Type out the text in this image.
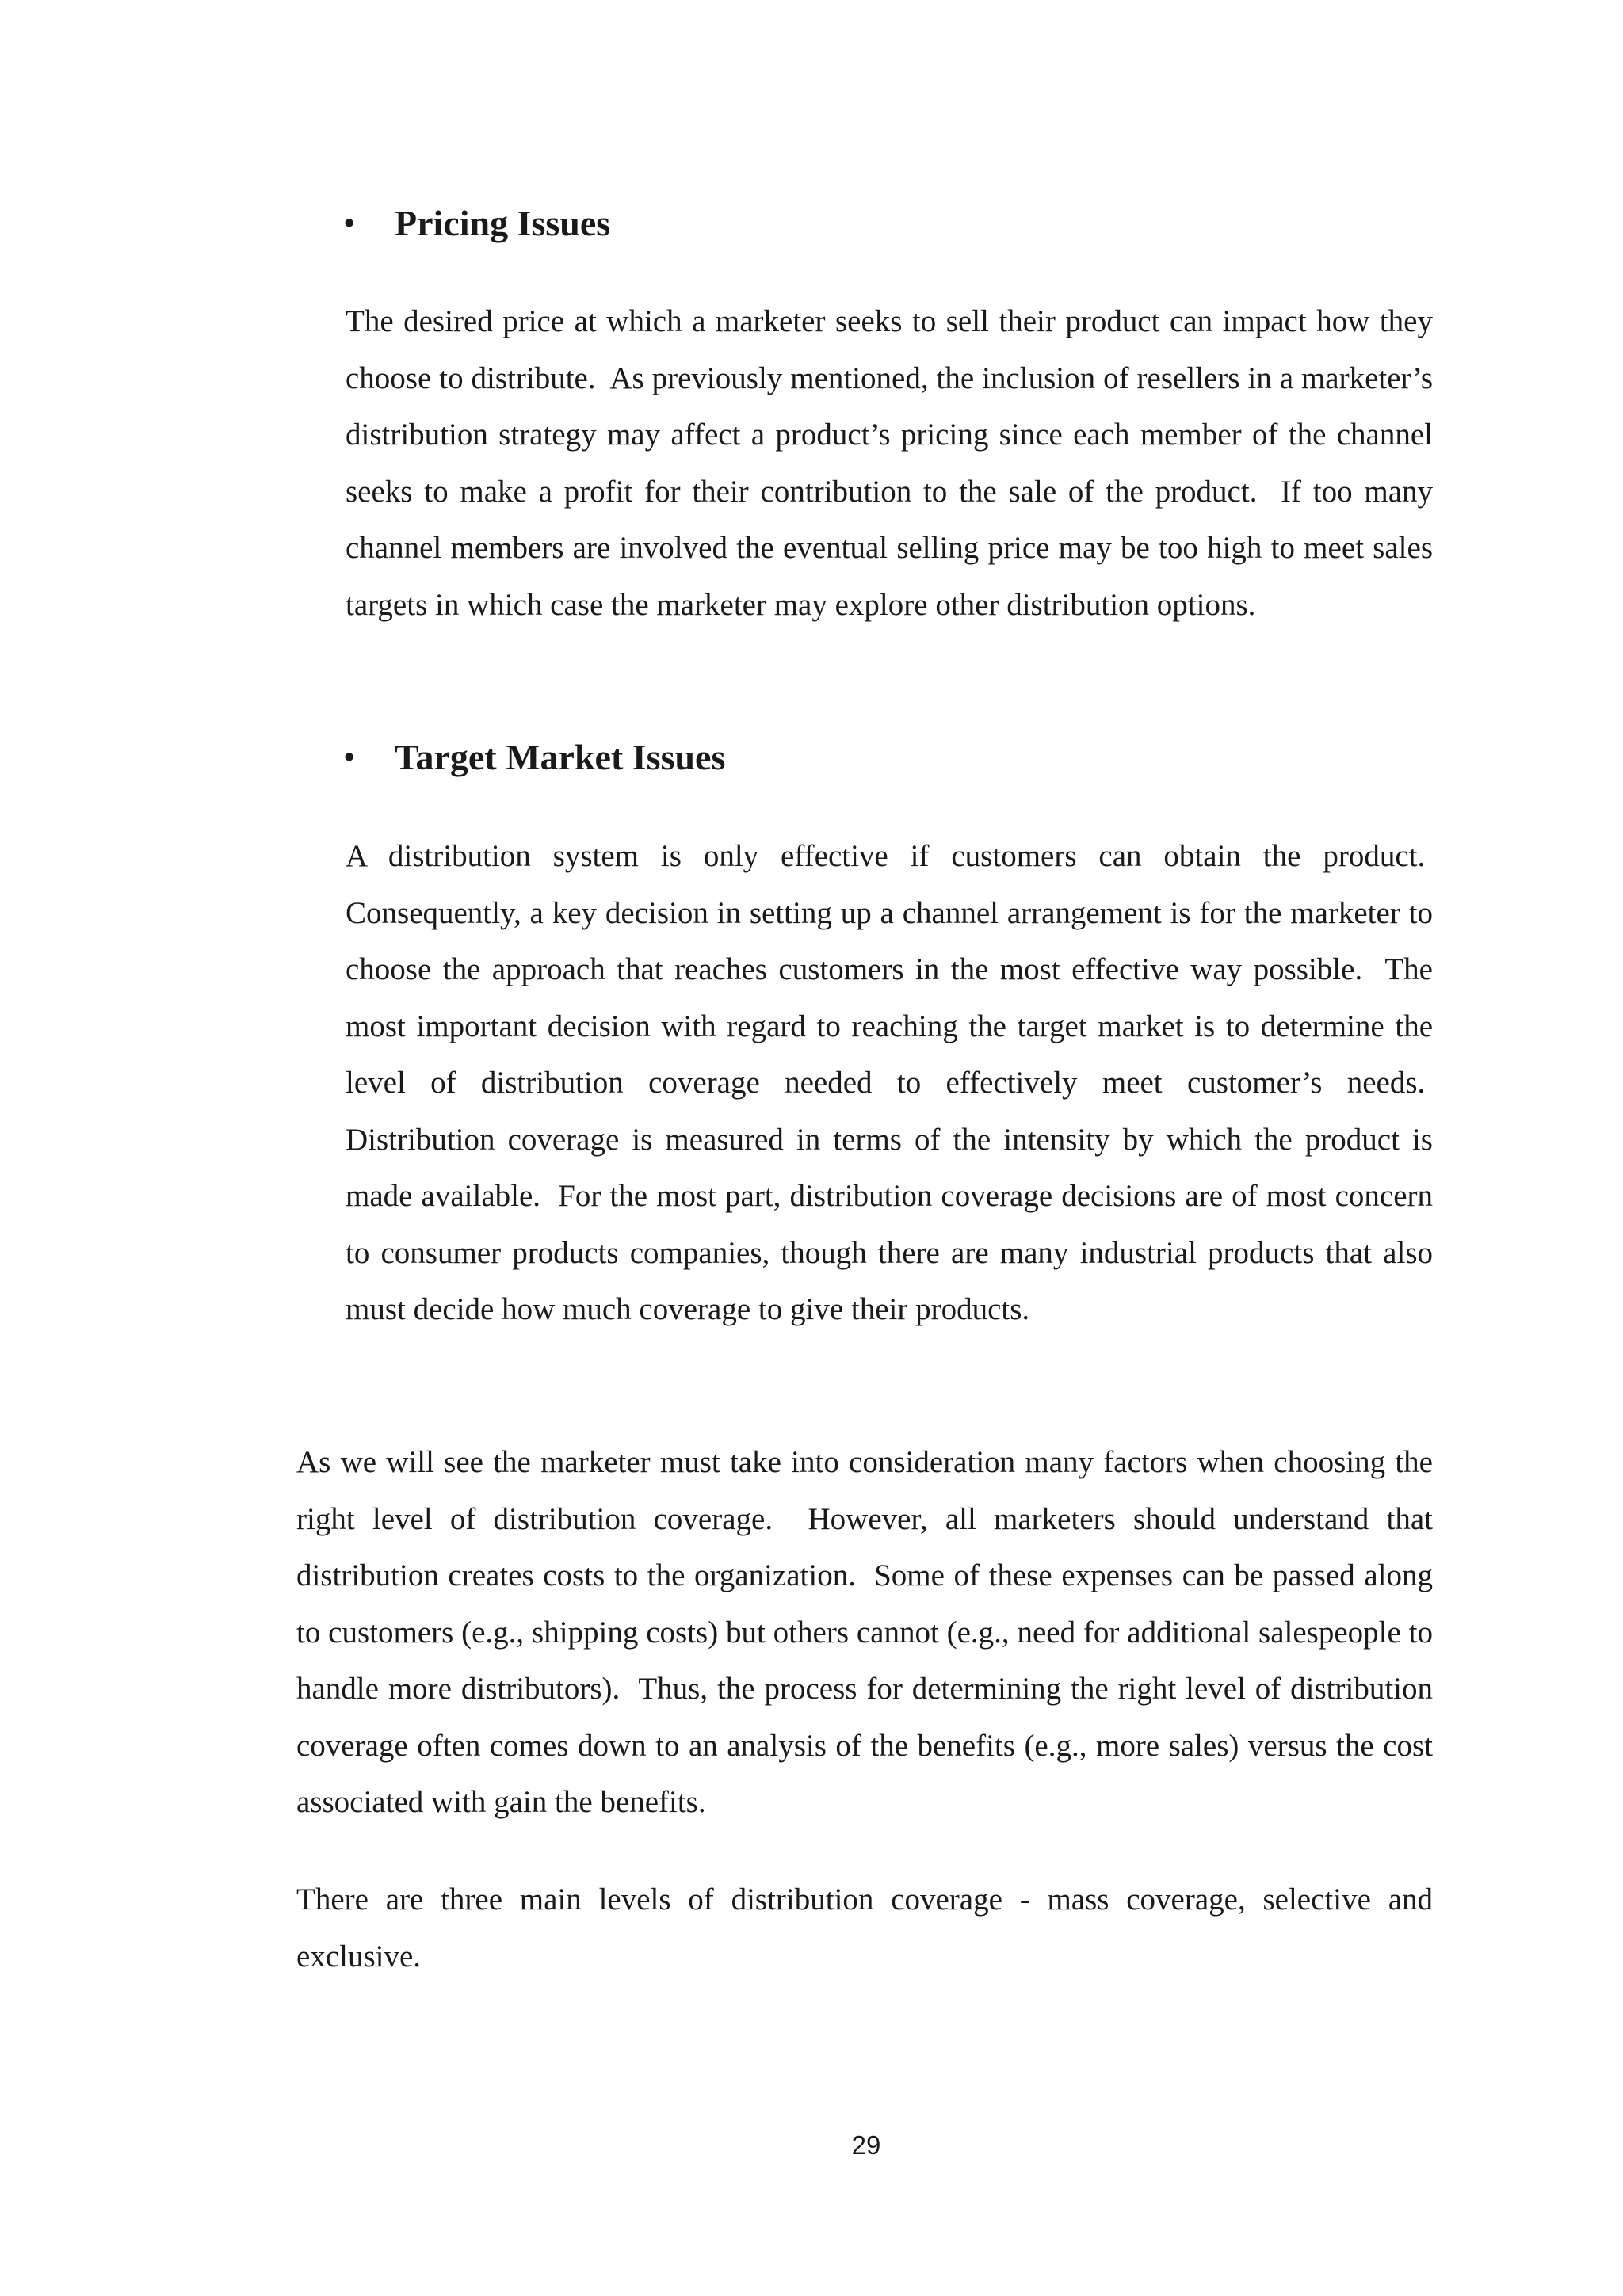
• Pricing Issues

The desired price at which a marketer seeks to sell their product can impact how they choose to distribute.  As previously mentioned, the inclusion of resellers in a marketer’s distribution strategy may affect a product’s pricing since each member of the channel seeks to make a profit for their contribution to the sale of the product.  If too many channel members are involved the eventual selling price may be too high to meet sales targets in which case the marketer may explore other distribution options.

• Target Market Issues

A distribution system is only effective if customers can obtain the product.  Consequently, a key decision in setting up a channel arrangement is for the marketer to choose the approach that reaches customers in the most effective way possible.  The most important decision with regard to reaching the target market is to determine the level of distribution coverage needed to effectively meet customer’s needs.  Distribution coverage is measured in terms of the intensity by which the product is made available.  For the most part, distribution coverage decisions are of most concern to consumer products companies, though there are many industrial products that also must decide how much coverage to give their products.

As we will see the marketer must take into consideration many factors when choosing the right level of distribution coverage.  However, all marketers should understand that distribution creates costs to the organization.  Some of these expenses can be passed along to customers (e.g., shipping costs) but others cannot (e.g., need for additional salespeople to handle more distributors).  Thus, the process for determining the right level of distribution coverage often comes down to an analysis of the benefits (e.g., more sales) versus the cost associated with gain the benefits.

There are three main levels of distribution coverage - mass coverage, selective and exclusive.

29
